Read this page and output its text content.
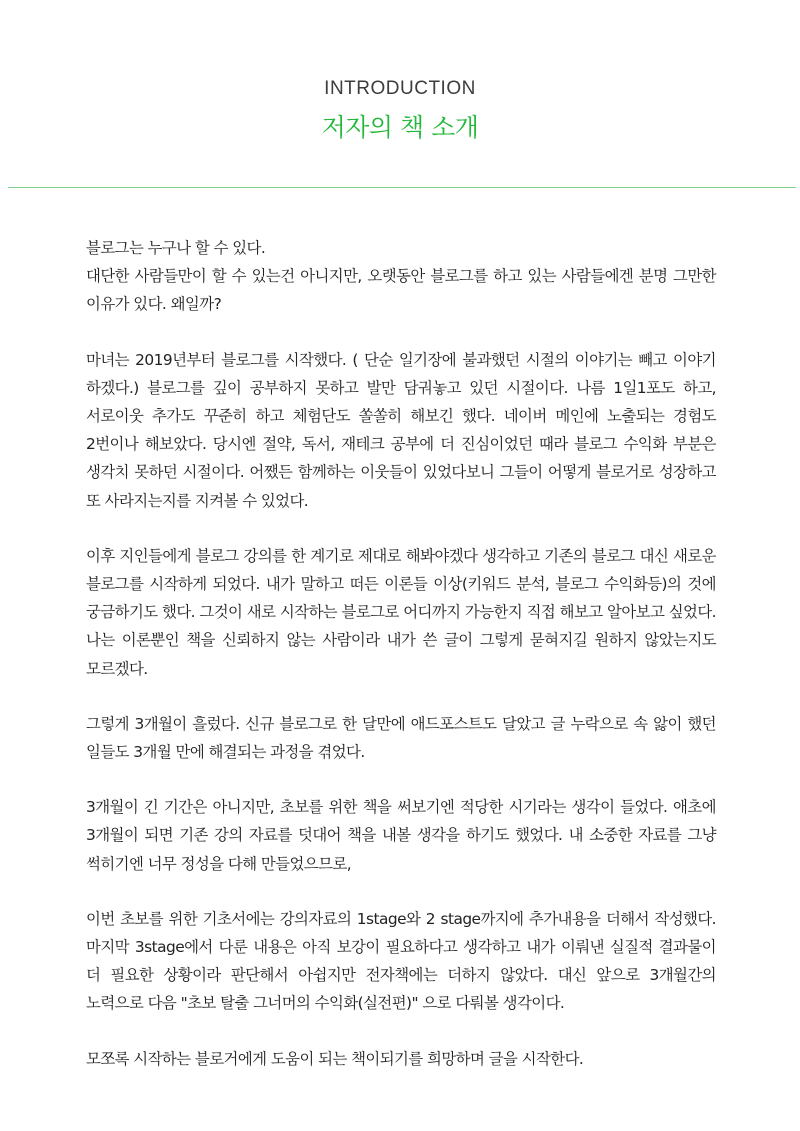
INTRODUCTION
저자의 책 소개

블로그는 누구나 할 수 있다.
대단한 사람들만이 할 수 있는건 아니지만, 오랫동안 블로그를 하고 있는 사람들에겐 분명 그만한 이유가 있다. 왜일까?

마녀는 2019년부터 블로그를 시작했다. ( 단순 일기장에 불과했던 시절의 이야기는 빼고 이야기 하겠다.) 블로그를 깊이 공부하지 못하고 발만 담궈놓고 있던 시절이다. 나름 1일1포도 하고, 서로이웃 추가도 꾸준히 하고 체험단도 쏠쏠히 해보긴 했다. 네이버 메인에 노출되는 경험도 2번이나 해보았다. 당시엔 절약, 독서, 재테크 공부에 더 진심이었던 때라 블로그 수익화 부분은 생각치 못하던 시절이다. 어쨌든 함께하는 이웃들이 있었다보니 그들이 어떻게 블로거로 성장하고 또 사라지는지를 지켜볼 수 있었다.

이후 지인들에게 블로그 강의를 한 계기로 제대로 해봐야겠다 생각하고 기존의 블로그 대신 새로운 블로그를 시작하게 되었다. 내가 말하고 떠든 이론들 이상(키워드 분석, 블로그 수익화등)의 것에 궁금하기도 했다. 그것이 새로 시작하는 블로그로 어디까지 가능한지 직접 해보고 알아보고 싶었다. 나는 이론뿐인 책을 신뢰하지 않는 사람이라 내가 쓴 글이 그렇게 묻혀지길 원하지 않았는지도 모르겠다.

그렇게 3개월이 흘렀다. 신규 블로그로 한 달만에 애드포스트도 달았고 글 누락으로 속 앓이 했던 일들도 3개월 만에 해결되는 과정을 겪었다.

3개월이 긴 기간은 아니지만, 초보를 위한 책을 써보기엔 적당한 시기라는 생각이 들었다. 애초에 3개월이 되면 기존 강의 자료를 덧대어 책을 내볼 생각을 하기도 했었다. 내 소중한 자료를 그냥 썩히기엔 너무 정성을 다해 만들었으므로,

이번 초보를 위한 기초서에는 강의자료의 1stage와 2 stage까지에 추가내용을 더해서 작성했다. 마지막 3stage에서 다룬 내용은 아직 보강이 필요하다고 생각하고 내가 이뤄낸 실질적 결과물이 더 필요한 상황이라 판단해서 아쉽지만 전자책에는 더하지 않았다. 대신 앞으로 3개월간의 노력으로 다음 "초보 탈출 그너머의 수익화(실전편)" 으로 다뤄볼 생각이다.

모쪼록 시작하는 블로거에게 도움이 되는 책이되기를 희망하며 글을 시작한다.
